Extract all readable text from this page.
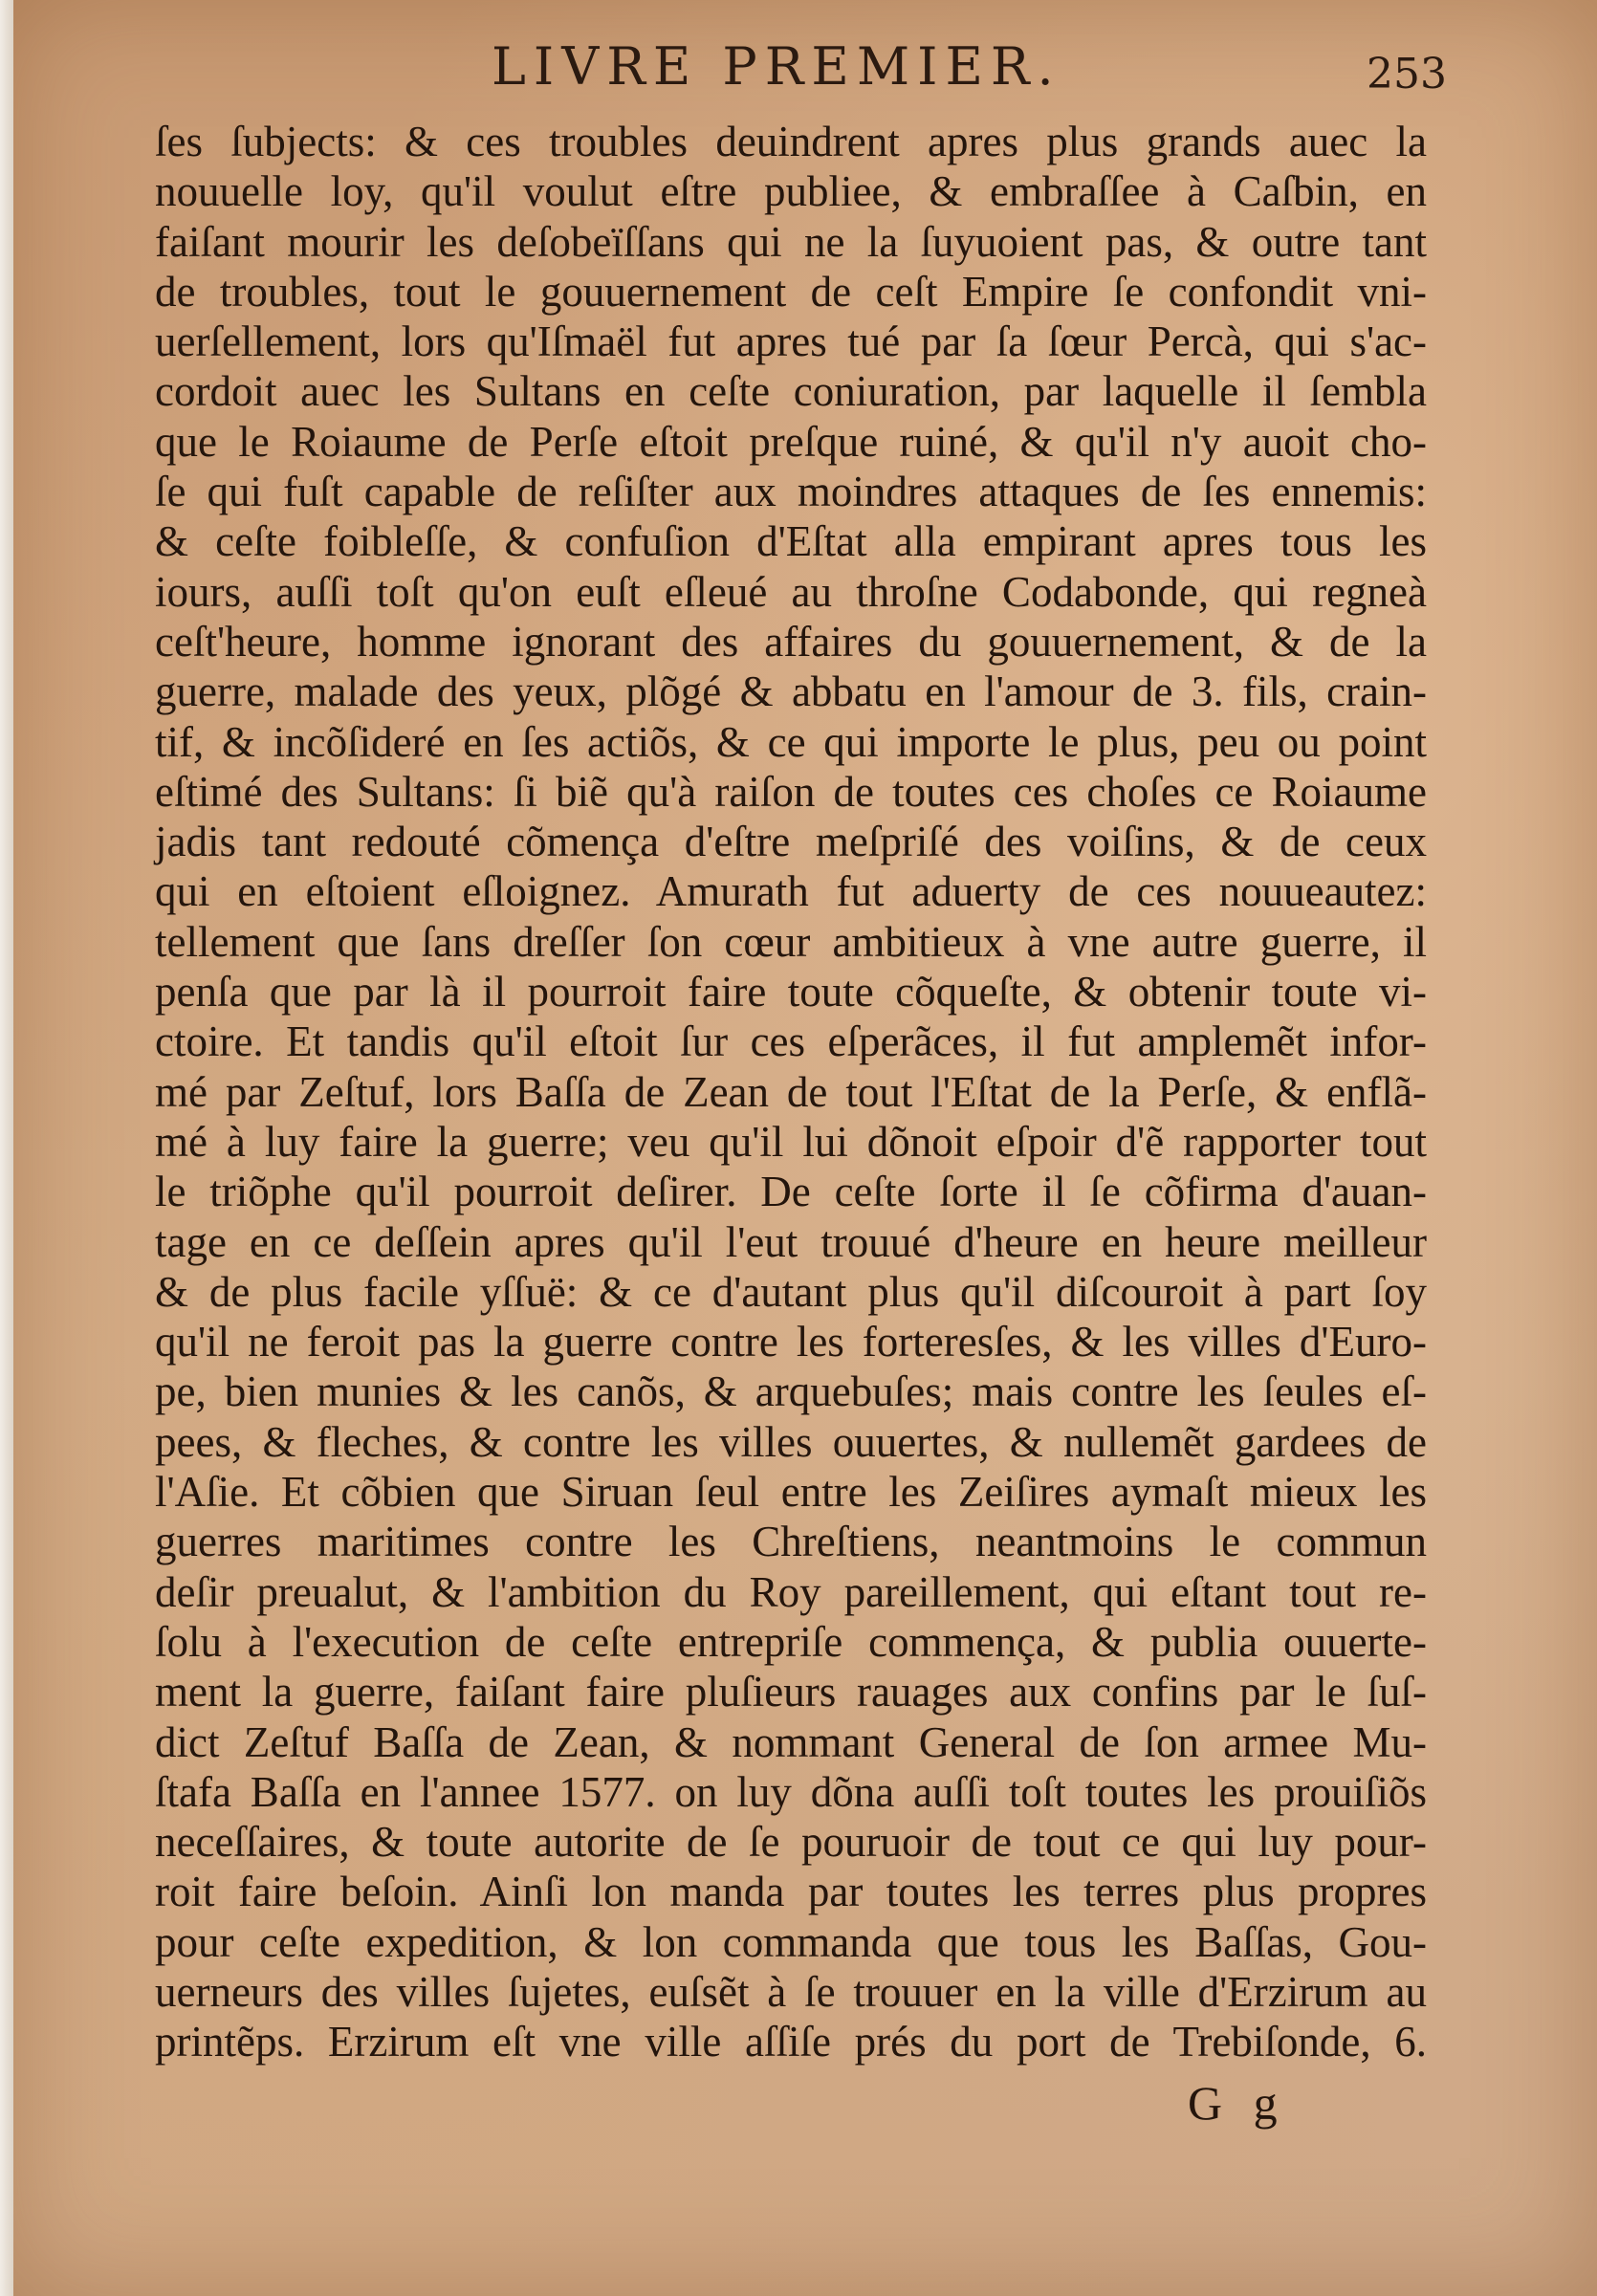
LIVRE PREMIER.	253
ſes ſubjects: & ces troubles deuindrent apres plus grands auec la
nouuelle loy, qu'il voulut eſtre publiee, & embraſſee à Caſbin, en
faiſant mourir les deſobeïſſans qui ne la ſuyuoient pas, & outre tant
de troubles, tout le gouuernement de ceſt Empire ſe confondit vni-
uerſellement, lors qu'Iſmaël fut apres tué par ſa ſœur Percà, qui s'ac-
cordoit auec les Sultans en ceſte coniuration, par laquelle il ſembla
que le Roiaume de Perſe eſtoit preſque ruiné, & qu'il n'y auoit cho-
ſe qui fuſt capable de reſiſter aux moindres attaques de ſes ennemis:
& ceſte foibleſſe, & confuſion d'Eſtat alla empirant apres tous les
iours, auſſi toſt qu'on euſt eſleué au throſne Codabonde, qui regneà
ceſt'heure, homme ignorant des affaires du gouuernement, & de la
guerre, malade des yeux, plõgé & abbatu en l'amour de 3. fils, crain-
tif, & incõſideré en ſes actiõs, & ce qui importe le plus, peu ou point
eſtimé des Sultans: ſi biẽ qu'à raiſon de toutes ces choſes ce Roiaume
jadis tant redouté cõmença d'eſtre meſpriſé des voiſins, & de ceux
qui en eſtoient eſloignez. Amurath fut aduerty de ces nouueautez:
tellement que ſans dreſſer ſon cœur ambitieux à vne autre guerre, il
penſa que par là il pourroit faire toute cõqueſte, & obtenir toute vi-
ctoire. Et tandis qu'il eſtoit ſur ces eſperãces, il fut amplemẽt infor-
mé par Zeſtuf, lors Baſſa de Zean de tout l'Eſtat de la Perſe, & enflã-
mé à luy faire la guerre; veu qu'il lui dõnoit eſpoir d'ẽ rapporter tout
le triõphe qu'il pourroit deſirer. De ceſte ſorte il ſe cõfirma d'auan-
tage en ce deſſein apres qu'il l'eut trouué d'heure en heure meilleur
& de plus facile yſſuë: & ce d'autant plus qu'il diſcouroit à part ſoy
qu'il ne feroit pas la guerre contre les forteresſes, & les villes d'Euro-
pe, bien munies & les canõs, & arquebuſes; mais contre les ſeules eſ-
pees, & fleches, & contre les villes ouuertes, & nullemẽt gardees de
l'Aſie. Et cõbien que Siruan ſeul entre les Zeiſires aymaſt mieux les
guerres maritimes contre les Chreſtiens, neantmoins le commun
deſir preualut, & l'ambition du Roy pareillement, qui eſtant tout re-
ſolu à l'execution de ceſte entrepriſe commença, & publia ouuerte-
ment la guerre, faiſant faire pluſieurs rauages aux confins par le ſuſ-
dict Zeſtuf Baſſa de Zean, & nommant General de ſon armee Mu-
ſtafa Baſſa en l'annee 1577. on luy dõna auſſi toſt toutes les prouiſiõs
neceſſaires, & toute autorite de ſe pouruoir de tout ce qui luy pour-
roit faire beſoin. Ainſi lon manda par toutes les terres plus propres
pour ceſte expedition, & lon commanda que tous les Baſſas, Gou-
uerneurs des villes ſujetes, euſsẽt à ſe trouuer en la ville d'Erzirum au
printẽps. Erzirum eſt vne ville aſſiſe prés du port de Trebiſonde, 6.
G g
